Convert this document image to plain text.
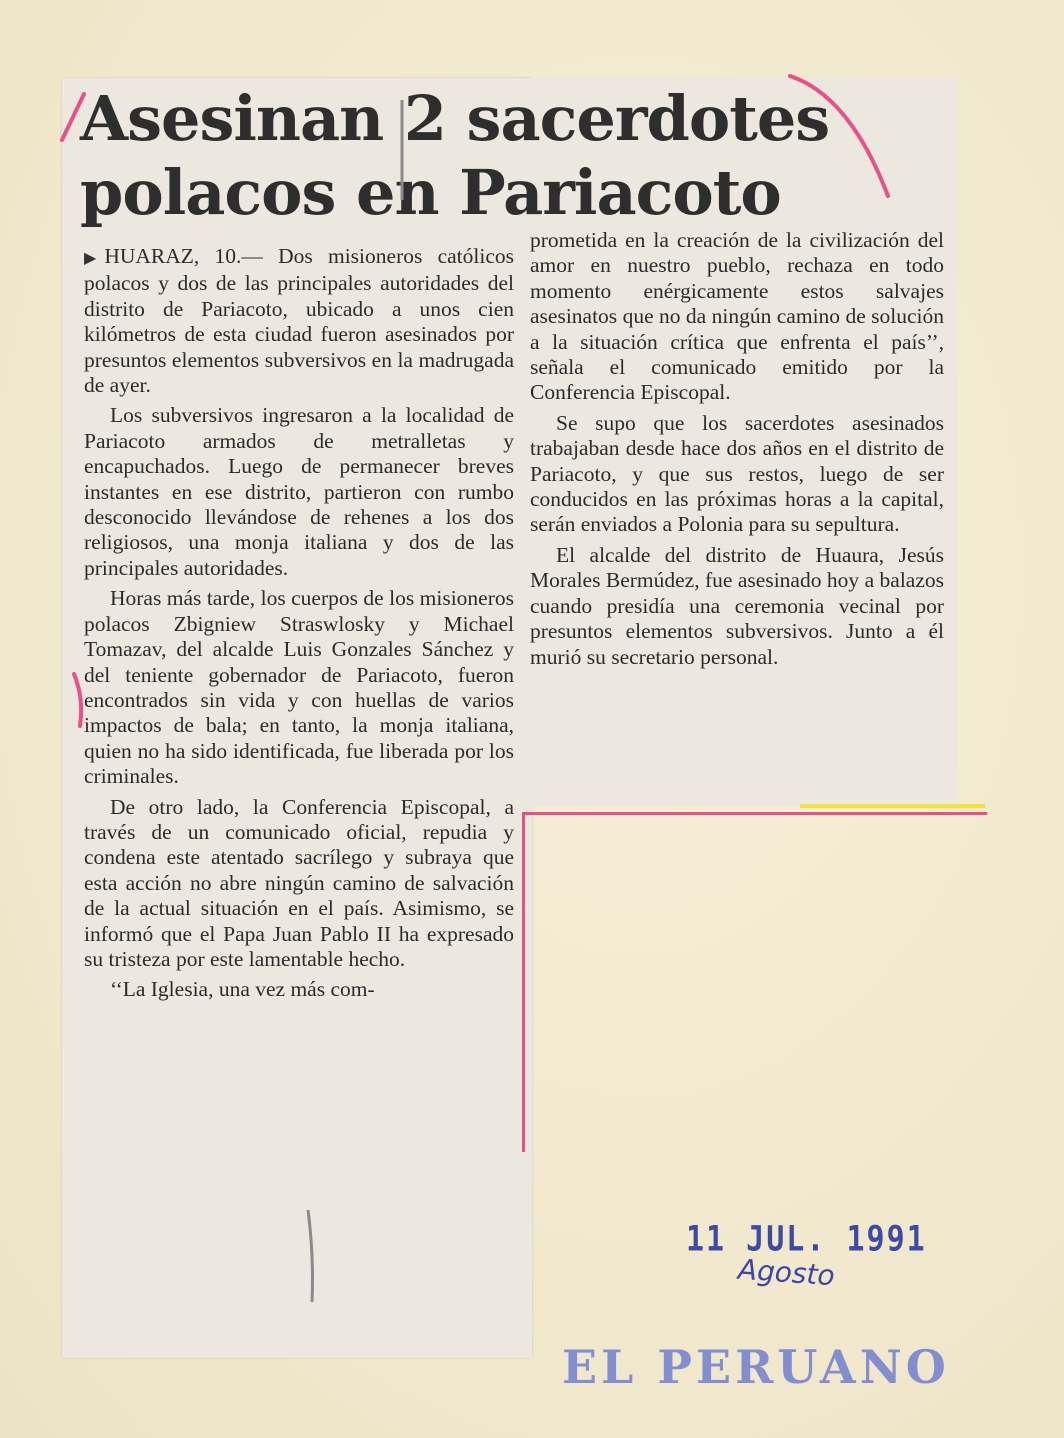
Asesinan 2 sacerdotes
polacos en Pariacoto

▶ HUARAZ, 10.— Dos misioneros católicos polacos y dos de las principales autoridades del distrito de Pariacoto, ubicado a unos cien kilómetros de esta ciudad fueron asesinados por presuntos elementos subversivos en la madrugada de ayer.

Los subversivos ingresaron a la localidad de Pariacoto armados de metralletas y encapuchados. Luego de permanecer breves instantes en ese distrito, partieron con rumbo desconocido llevándose de rehenes a los dos religiosos, una monja italiana y dos de las principales autoridades.

Horas más tarde, los cuerpos de los misioneros polacos Zbigniew Straswlosky y Michael Tomazav, del alcalde Luis Gonzales Sánchez y del teniente gobernador de Pariacoto, fueron encontrados sin vida y con huellas de varios impactos de bala; en tanto, la monja italiana, quien no ha sido identificada, fue liberada por los criminales.

De otro lado, la Conferencia Episcopal, a través de un comunicado oficial, repudia y condena este atentado sacrílego y subraya que esta acción no abre ningún camino de salvación de la actual situación en el país. Asimismo, se informó que el Papa Juan Pablo II ha expresado su tristeza por este lamentable hecho.

‘‘La Iglesia, una vez más com-

prometida en la creación de la civilización del amor en nuestro pueblo, rechaza en todo momento enérgicamente estos salvajes asesinatos que no da ningún camino de solución a la situación crítica que enfrenta el país’’, señala el comunicado emitido por la Conferencia Episcopal.

Se supo que los sacerdotes asesinados trabajaban desde hace dos años en el distrito de Pariacoto, y que sus restos, luego de ser conducidos en las próximas horas a la capital, serán enviados a Polonia para su sepultura.

El alcalde del distrito de Huaura, Jesús Morales Bermúdez, fue asesinado hoy a balazos cuando presidía una ceremonia vecinal por presuntos elementos subversivos. Junto a él murió su secretario personal.

11 JUL. 1991

Agosto

EL PERUANO
